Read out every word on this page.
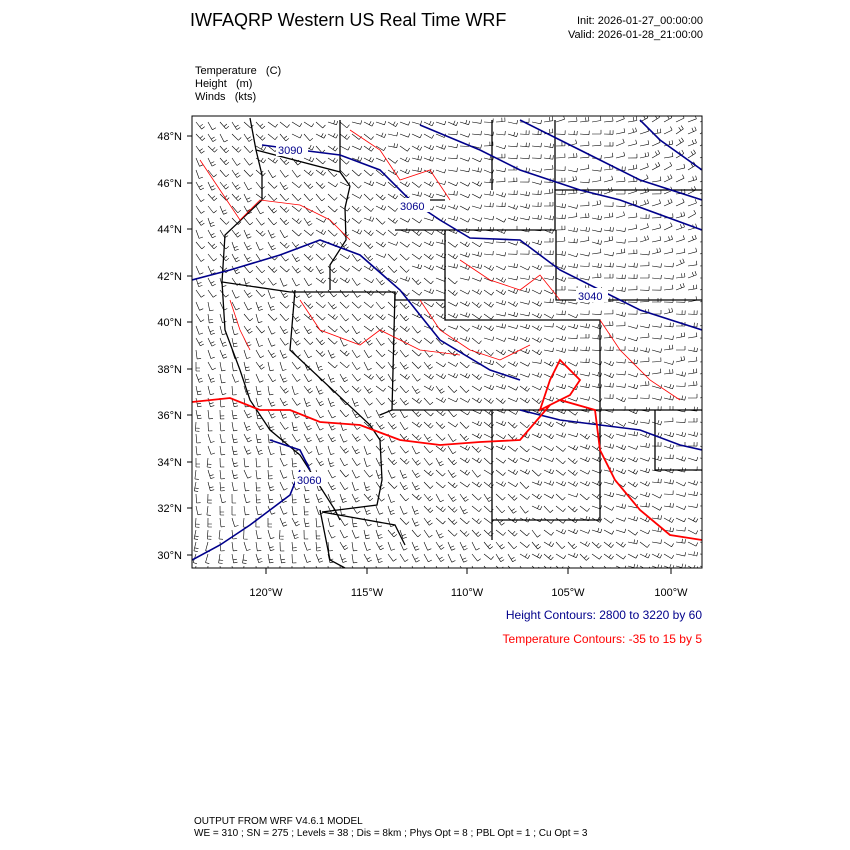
IWFAQRP Western US Real Time WRF	Init: 2026-01-27_00:00:00
Valid: 2026-01-28_21:00:00
Temperature   (C)
Height   (m)
Winds   (kts)
3090
3060
3040
3060
48°N
46°N
44°N
42°N
40°N
38°N
36°N
34°N
32°N
30°N
120°W	115°W	110°W	105°W	100°W
Height Contours: 2800 to 3220 by 60
Temperature Contours: -35 to 15 by 5
OUTPUT FROM WRF V4.6.1 MODEL
WE = 310 ; SN = 275 ; Levels = 38 ; Dis = 8km ; Phys Opt = 8 ; PBL Opt = 1 ; Cu Opt = 3
